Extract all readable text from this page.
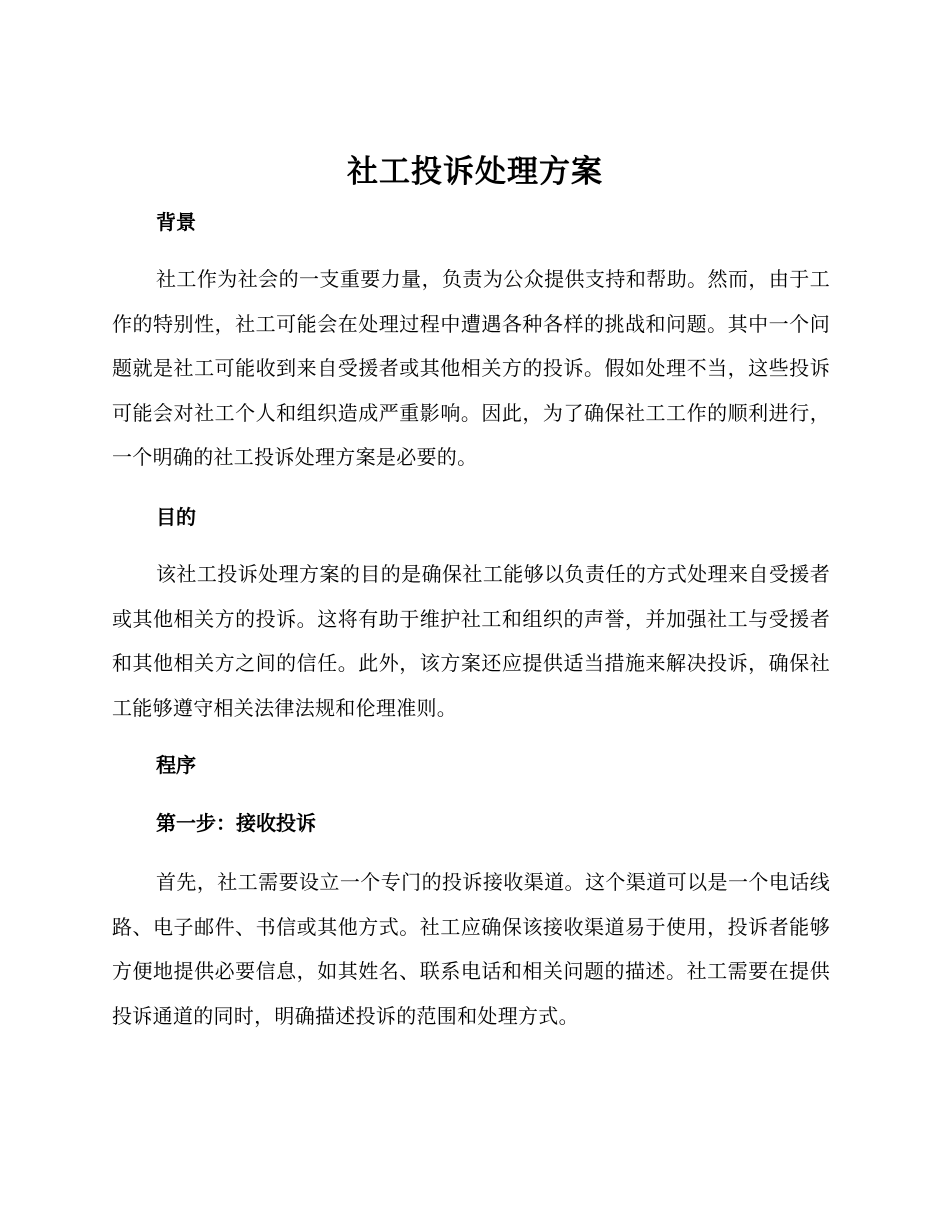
社工投诉处理方案
背景
社工作为社会的一支重要力量，负责为公众提供支持和帮助。然而，由于工作的特别性，社工可能会在处理过程中遭遇各种各样的挑战和问题。其中一个问题就是社工可能收到来自受援者或其他相关方的投诉。假如处理不当，这些投诉可能会对社工个人和组织造成严重影响。因此，为了确保社工工作的顺利进行，一个明确的社工投诉处理方案是必要的。
目的
该社工投诉处理方案的目的是确保社工能够以负责任的方式处理来自受援者或其他相关方的投诉。这将有助于维护社工和组织的声誉，并加强社工与受援者和其他相关方之间的信任。此外，该方案还应提供适当措施来解决投诉，确保社工能够遵守相关法律法规和伦理准则。
程序
第一步：接收投诉
首先，社工需要设立一个专门的投诉接收渠道。这个渠道可以是一个电话线路、电子邮件、书信或其他方式。社工应确保该接收渠道易于使用，投诉者能够方便地提供必要信息，如其姓名、联系电话和相关问题的描述。社工需要在提供投诉通道的同时，明确描述投诉的范围和处理方式。
